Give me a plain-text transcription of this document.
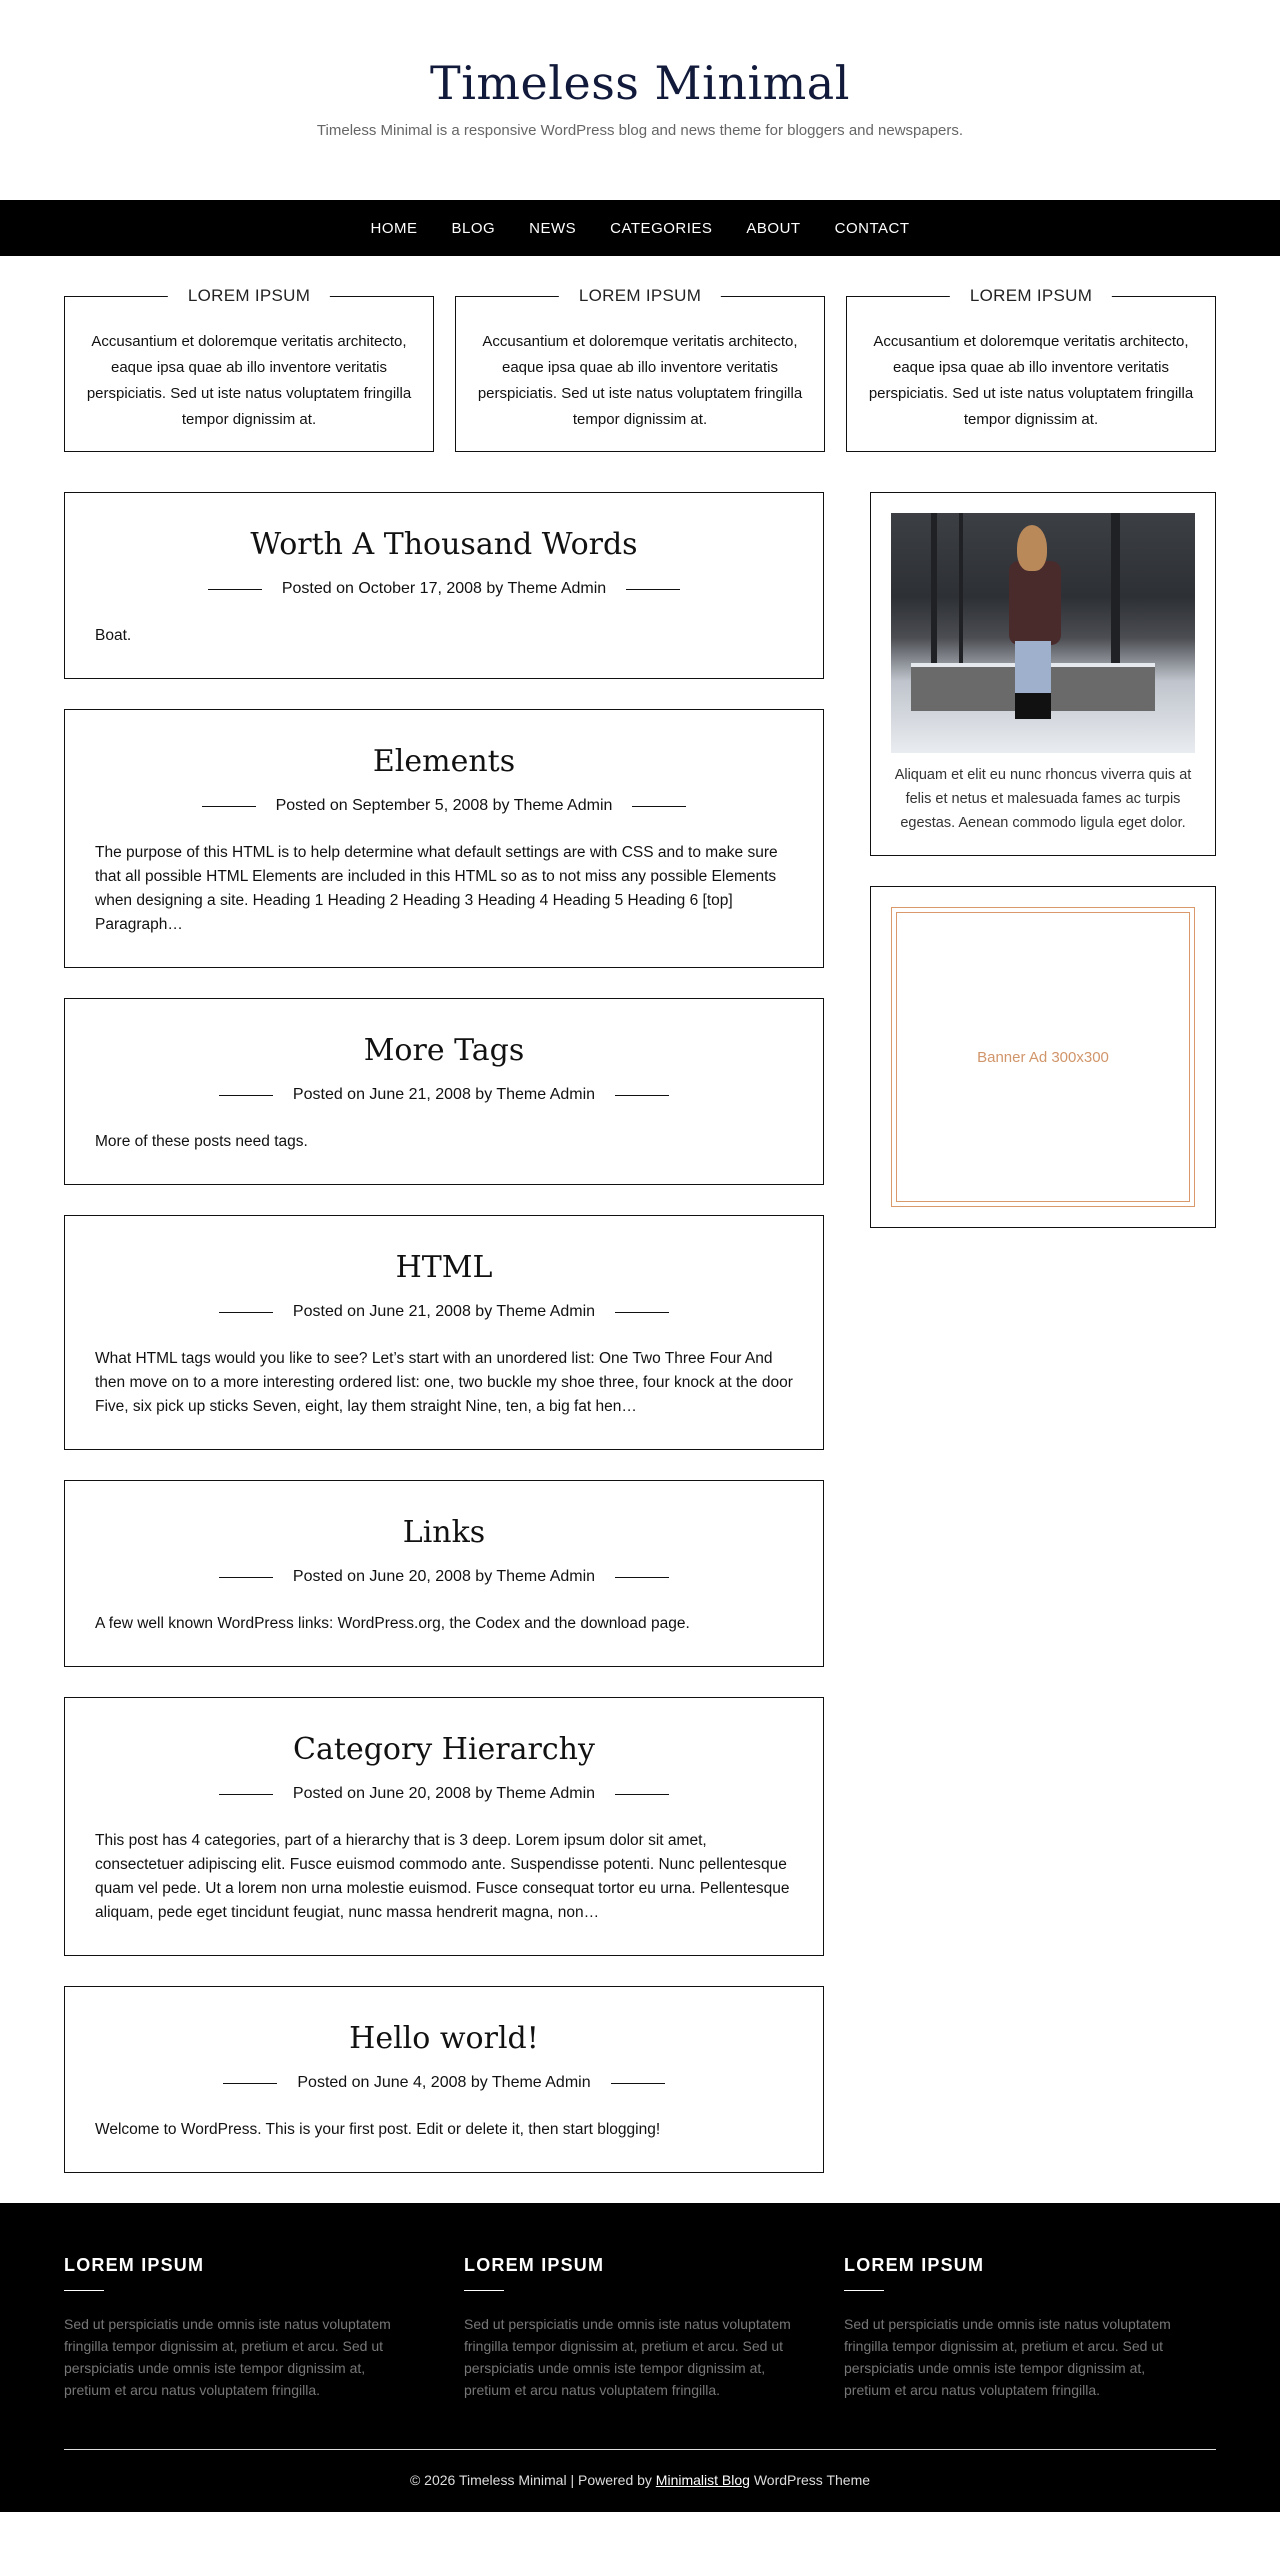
Timeless Minimal

Timeless Minimal is a responsive WordPress blog and news theme for bloggers and newspapers.

HOME	BLOG	NEWS	CATEGORIES	ABOUT	CONTACT
LOREM IPSUM

Accusantium et doloremque veritatis architecto, eaque ipsa quae ab illo inventore veritatis perspiciatis. Sed ut iste natus voluptatem fringilla tempor dignissim at.

LOREM IPSUM

Accusantium et doloremque veritatis architecto, eaque ipsa quae ab illo inventore veritatis perspiciatis. Sed ut iste natus voluptatem fringilla tempor dignissim at.

LOREM IPSUM

Accusantium et doloremque veritatis architecto, eaque ipsa quae ab illo inventore veritatis perspiciatis. Sed ut iste natus voluptatem fringilla tempor dignissim at.

Worth A Thousand Words
Posted on October 17, 2008 by Theme Admin

Boat.

Elements
Posted on September 5, 2008 by Theme Admin

The purpose of this HTML is to help determine what default settings are with CSS and to make sure that all possible HTML Elements are included in this HTML so as to not miss any possible Elements when designing a site. Heading 1 Heading 2 Heading 3 Heading 4 Heading 5 Heading 6 [top] Paragraph…

More Tags
Posted on June 21, 2008 by Theme Admin

More of these posts need tags.

HTML
Posted on June 21, 2008 by Theme Admin

What HTML tags would you like to see? Let’s start with an unordered list: One Two Three Four And then move on to a more interesting ordered list: one, two buckle my shoe three, four knock at the door Five, six pick up sticks Seven, eight, lay them straight Nine, ten, a big fat hen…

Links
Posted on June 20, 2008 by Theme Admin

A few well known WordPress links: WordPress.org, the Codex and the download page.

Category Hierarchy
Posted on June 20, 2008 by Theme Admin

This post has 4 categories, part of a hierarchy that is 3 deep. Lorem ipsum dolor sit amet, consectetuer adipiscing elit. Fusce euismod commodo ante. Suspendisse potenti. Nunc pellentesque quam vel pede. Ut a lorem non urna molestie euismod. Fusce consequat tortor eu urna. Pellentesque aliquam, pede eget tincidunt feugiat, nunc massa hendrerit magna, non…

Hello world!
Posted on June 4, 2008 by Theme Admin

Welcome to WordPress. This is your first post. Edit or delete it, then start blogging!

Aliquam et elit eu nunc rhoncus viverra quis at felis et netus et malesuada fames ac turpis egestas. Aenean commodo ligula eget dolor.

Banner Ad 300x300
LOREM IPSUM

Sed ut perspiciatis unde omnis iste natus voluptatem fringilla tempor dignissim at, pretium et arcu. Sed ut perspiciatis unde omnis iste tempor dignissim at, pretium et arcu natus voluptatem fringilla.

LOREM IPSUM

Sed ut perspiciatis unde omnis iste natus voluptatem fringilla tempor dignissim at, pretium et arcu. Sed ut perspiciatis unde omnis iste tempor dignissim at, pretium et arcu natus voluptatem fringilla.

LOREM IPSUM

Sed ut perspiciatis unde omnis iste natus voluptatem fringilla tempor dignissim at, pretium et arcu. Sed ut perspiciatis unde omnis iste tempor dignissim at, pretium et arcu natus voluptatem fringilla.

© 2026 Timeless Minimal | Powered by Minimalist Blog WordPress Theme
